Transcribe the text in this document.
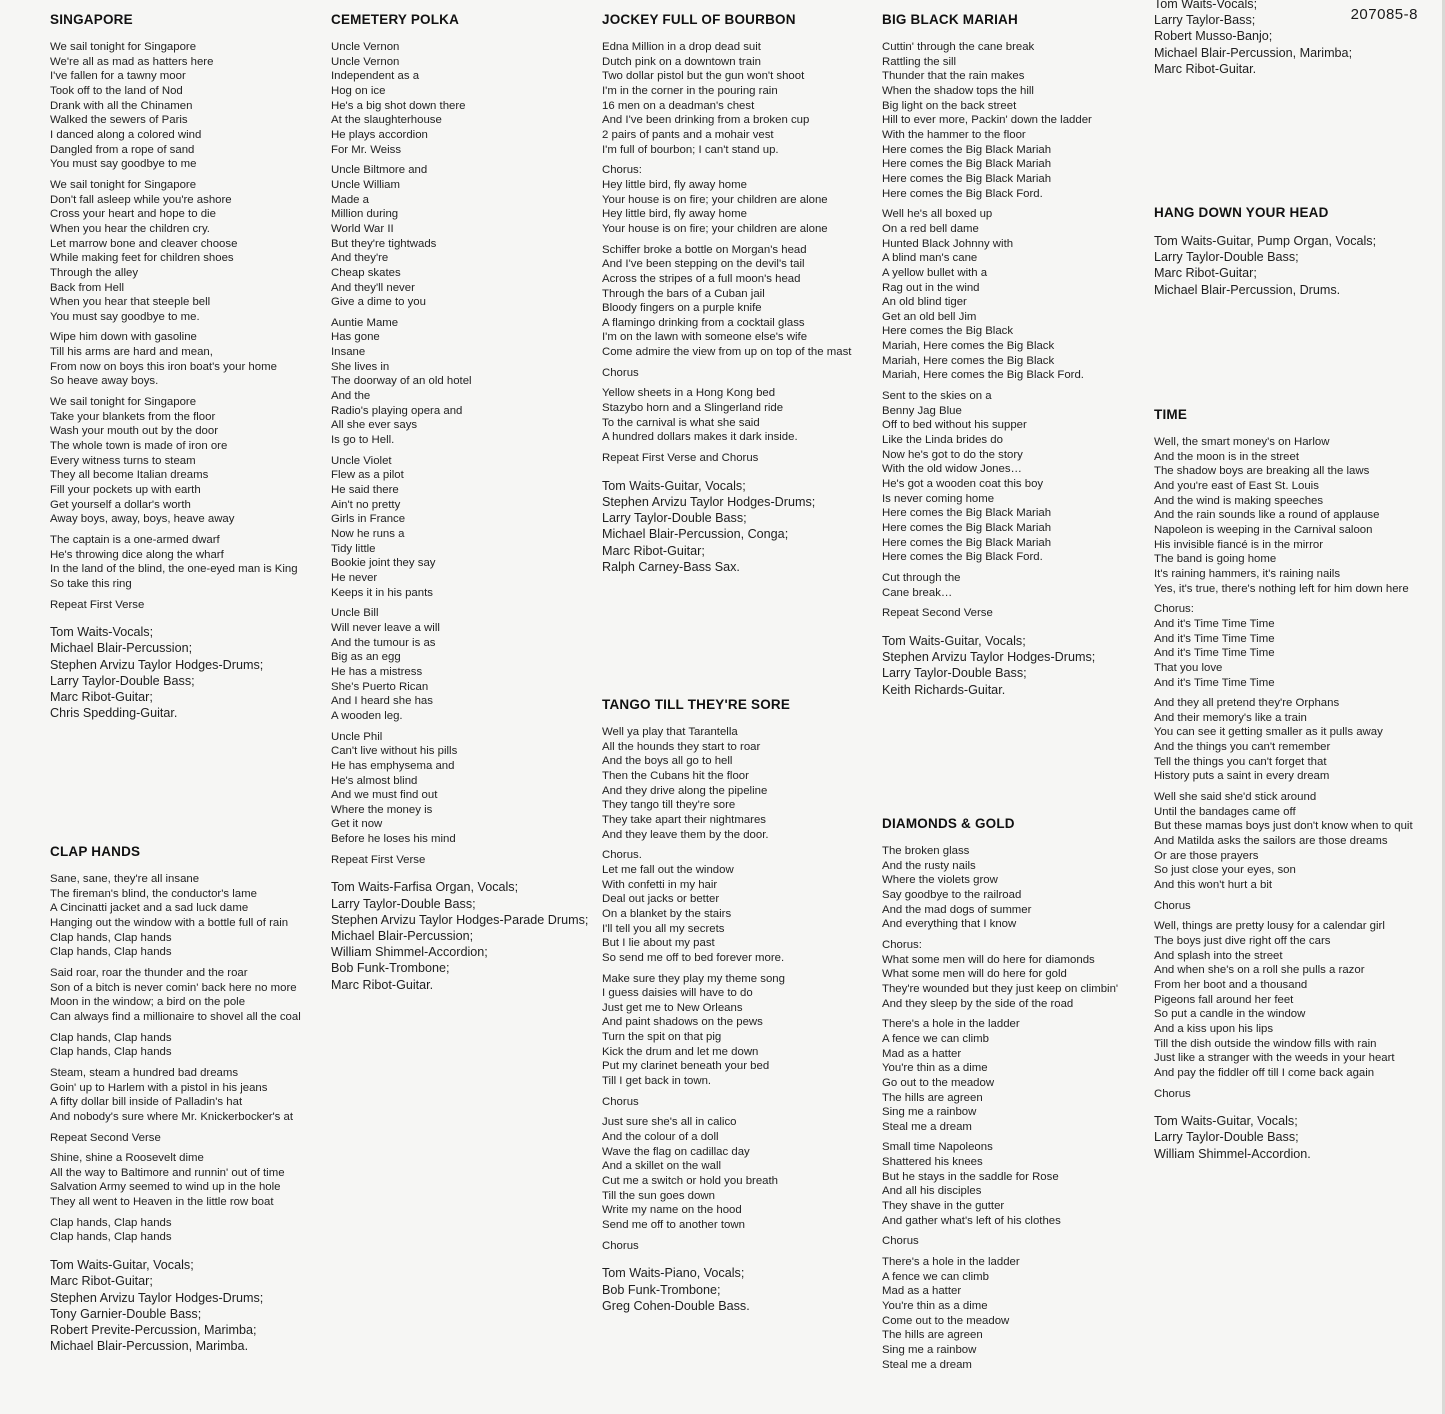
207085-8
SINGAPORE
We sail tonight for Singapore
We're all as mad as hatters here
I've fallen for a tawny moor
Took off to the land of Nod
Drank with all the Chinamen
Walked the sewers of Paris
I danced along a colored wind
Dangled from a rope of sand
You must say goodbye to me
We sail tonight for Singapore
Don't fall asleep while you're ashore
Cross your heart and hope to die
When you hear the children cry.
Let marrow bone and cleaver choose
While making feet for children shoes
Through the alley
Back from Hell
When you hear that steeple bell
You must say goodbye to me.
Wipe him down with gasoline
Till his arms are hard and mean,
From now on boys this iron boat's your home
So heave away boys.
We sail tonight for Singapore
Take your blankets from the floor
Wash your mouth out by the door
The whole town is made of iron ore
Every witness turns to steam
They all become Italian dreams
Fill your pockets up with earth
Get yourself a dollar's worth
Away boys, away, boys, heave away
The captain is a one-armed dwarf
He's throwing dice along the wharf
In the land of the blind, the one-eyed man is King
So take this ring
Repeat First Verse
Tom Waits-Vocals;
Michael Blair-Percussion;
Stephen Arvizu Taylor Hodges-Drums;
Larry Taylor-Double Bass;
Marc Ribot-Guitar;
Chris Spedding-Guitar.
CLAP HANDS
Sane, sane, they're all insane
The fireman's blind, the conductor's lame
A Cincinatti jacket and a sad luck dame
Hanging out the window with a bottle full of rain
Clap hands, Clap hands
Clap hands, Clap hands
Said roar, roar the thunder and the roar
Son of a bitch is never comin' back here no more
Moon in the window; a bird on the pole
Can always find a millionaire to shovel all the coal
Clap hands, Clap hands
Clap hands, Clap hands
Steam, steam a hundred bad dreams
Goin' up to Harlem with a pistol in his jeans
A fifty dollar bill inside of Palladin's hat
And nobody's sure where Mr. Knickerbocker's at
Repeat Second Verse
Shine, shine a Roosevelt dime
All the way to Baltimore and runnin' out of time
Salvation Army seemed to wind up in the hole
They all went to Heaven in the little row boat
Clap hands, Clap hands
Clap hands, Clap hands
Tom Waits-Guitar, Vocals;
Marc Ribot-Guitar;
Stephen Arvizu Taylor Hodges-Drums;
Tony Garnier-Double Bass;
Robert Previte-Percussion, Marimba;
Michael Blair-Percussion, Marimba.
CEMETERY POLKA
Uncle Vernon
Uncle Vernon
Independent as a
Hog on ice
He's a big shot down there
At the slaughterhouse
He plays accordion
For Mr. Weiss
Uncle Biltmore and
Uncle William
Made a
Million during
World War II
But they're tightwads
And they're
Cheap skates
And they'll never
Give a dime to you
Auntie Mame
Has gone
Insane
She lives in
The doorway of an old hotel
And the
Radio's playing opera and
All she ever says
Is go to Hell.
Uncle Violet
Flew as a pilot
He said there
Ain't no pretty
Girls in France
Now he runs a
Tidy little
Bookie joint they say
He never
Keeps it in his pants
Uncle Bill
Will never leave a will
And the tumour is as
Big as an egg
He has a mistress
She's Puerto Rican
And I heard she has
A wooden leg.
Uncle Phil
Can't live without his pills
He has emphysema and
He's almost blind
And we must find out
Where the money is
Get it now
Before he loses his mind
Repeat First Verse
Tom Waits-Farfisa Organ, Vocals;
Larry Taylor-Double Bass;
Stephen Arvizu Taylor Hodges-Parade Drums;
Michael Blair-Percussion;
William Shimmel-Accordion;
Bob Funk-Trombone;
Marc Ribot-Guitar.
JOCKEY FULL OF BOURBON
Edna Million in a drop dead suit
Dutch pink on a downtown train
Two dollar pistol but the gun won't shoot
I'm in the corner in the pouring rain
16 men on a deadman's chest
And I've been drinking from a broken cup
2 pairs of pants and a mohair vest
I'm full of bourbon; I can't stand up.
Chorus:
Hey little bird, fly away home
Your house is on fire; your children are alone
Hey little bird, fly away home
Your house is on fire; your children are alone
Schiffer broke a bottle on Morgan's head
And I've been stepping on the devil's tail
Across the stripes of a full moon's head
Through the bars of a Cuban jail
Bloody fingers on a purple knife
A flamingo drinking from a cocktail glass
I'm on the lawn with someone else's wife
Come admire the view from up on top of the mast
Chorus
Yellow sheets in a Hong Kong bed
Stazybo horn and a Slingerland ride
To the carnival is what she said
A hundred dollars makes it dark inside.
Repeat First Verse and Chorus
Tom Waits-Guitar, Vocals;
Stephen Arvizu Taylor Hodges-Drums;
Larry Taylor-Double Bass;
Michael Blair-Percussion, Conga;
Marc Ribot-Guitar;
Ralph Carney-Bass Sax.
TANGO TILL THEY'RE SORE
Well ya play that Tarantella
All the hounds they start to roar
And the boys all go to hell
Then the Cubans hit the floor
And they drive along the pipeline
They tango till they're sore
They take apart their nightmares
And they leave them by the door.
Chorus.
Let me fall out the window
With confetti in my hair
Deal out jacks or better
On a blanket by the stairs
I'll tell you all my secrets
But I lie about my past
So send me off to bed forever more.
Make sure they play my theme song
I guess daisies will have to do
Just get me to New Orleans
And paint shadows on the pews
Turn the spit on that pig
Kick the drum and let me down
Put my clarinet beneath your bed
Till I get back in town.
Chorus
Just sure she's all in calico
And the colour of a doll
Wave the flag on cadillac day
And a skillet on the wall
Cut me a switch or hold you breath
Till the sun goes down
Write my name on the hood
Send me off to another town
Chorus
Tom Waits-Piano, Vocals;
Bob Funk-Trombone;
Greg Cohen-Double Bass.
BIG BLACK MARIAH
Cuttin' through the cane break
Rattling the sill
Thunder that the rain makes
When the shadow tops the hill
Big light on the back street
Hill to ever more, Packin' down the ladder
With the hammer to the floor
Here comes the Big Black Mariah
Here comes the Big Black Mariah
Here comes the Big Black Mariah
Here comes the Big Black Ford.
Well he's all boxed up
On a red bell dame
Hunted Black Johnny with
A blind man's cane
A yellow bullet with a
Rag out in the wind
An old blind tiger
Get an old bell Jim
Here comes the Big Black
Mariah, Here comes the Big Black
Mariah, Here comes the Big Black
Mariah, Here comes the Big Black Ford.
Sent to the skies on a
Benny Jag Blue
Off to bed without his supper
Like the Linda brides do
Now he's got to do the story
With the old widow Jones…
He's got a wooden coat this boy
Is never coming home
Here comes the Big Black Mariah
Here comes the Big Black Mariah
Here comes the Big Black Mariah
Here comes the Big Black Ford.
Cut through the
Cane break…
Repeat Second Verse
Tom Waits-Guitar, Vocals;
Stephen Arvizu Taylor Hodges-Drums;
Larry Taylor-Double Bass;
Keith Richards-Guitar.
DIAMONDS & GOLD
The broken glass
And the rusty nails
Where the violets grow
Say goodbye to the railroad
And the mad dogs of summer
And everything that I know
Chorus:
What some men will do here for diamonds
What some men will do here for gold
They're wounded but they just keep on climbin'
And they sleep by the side of the road
There's a hole in the ladder
A fence we can climb
Mad as a hatter
You're thin as a dime
Go out to the meadow
The hills are agreen
Sing me a rainbow
Steal me a dream
Small time Napoleons
Shattered his knees
But he stays in the saddle for Rose
And all his disciples
They shave in the gutter
And gather what's left of his clothes
Chorus
There's a hole in the ladder
A fence we can climb
Mad as a hatter
You're thin as a dime
Come out to the meadow
The hills are agreen
Sing me a rainbow
Steal me a dream
Tom Waits-Vocals;
Larry Taylor-Bass;
Robert Musso-Banjo;
Michael Blair-Percussion, Marimba;
Marc Ribot-Guitar.
HANG DOWN YOUR HEAD
Tom Waits-Guitar, Pump Organ, Vocals;
Larry Taylor-Double Bass;
Marc Ribot-Guitar;
Michael Blair-Percussion, Drums.
TIME
Well, the smart money's on Harlow
And the moon is in the street
The shadow boys are breaking all the laws
And you're east of East St. Louis
And the wind is making speeches
And the rain sounds like a round of applause
Napoleon is weeping in the Carnival saloon
His invisible fiancé is in the mirror
The band is going home
It's raining hammers, it's raining nails
Yes, it's true, there's nothing left for him down here
Chorus:
And it's Time Time Time
And it's Time Time Time
And it's Time Time Time
That you love
And it's Time Time Time
And they all pretend they're Orphans
And their memory's like a train
You can see it getting smaller as it pulls away
And the things you can't remember
Tell the things you can't forget that
History puts a saint in every dream
Well she said she'd stick around
Until the bandages came off
But these mamas boys just don't know when to quit
And Matilda asks the sailors are those dreams
Or are those prayers
So just close your eyes, son
And this won't hurt a bit
Chorus
Well, things are pretty lousy for a calendar girl
The boys just dive right off the cars
And splash into the street
And when she's on a roll she pulls a razor
From her boot and a thousand
Pigeons fall around her feet
So put a candle in the window
And a kiss upon his lips
Till the dish outside the window fills with rain
Just like a stranger with the weeds in your heart
And pay the fiddler off till I come back again
Chorus
Tom Waits-Guitar, Vocals;
Larry Taylor-Double Bass;
William Shimmel-Accordion.
